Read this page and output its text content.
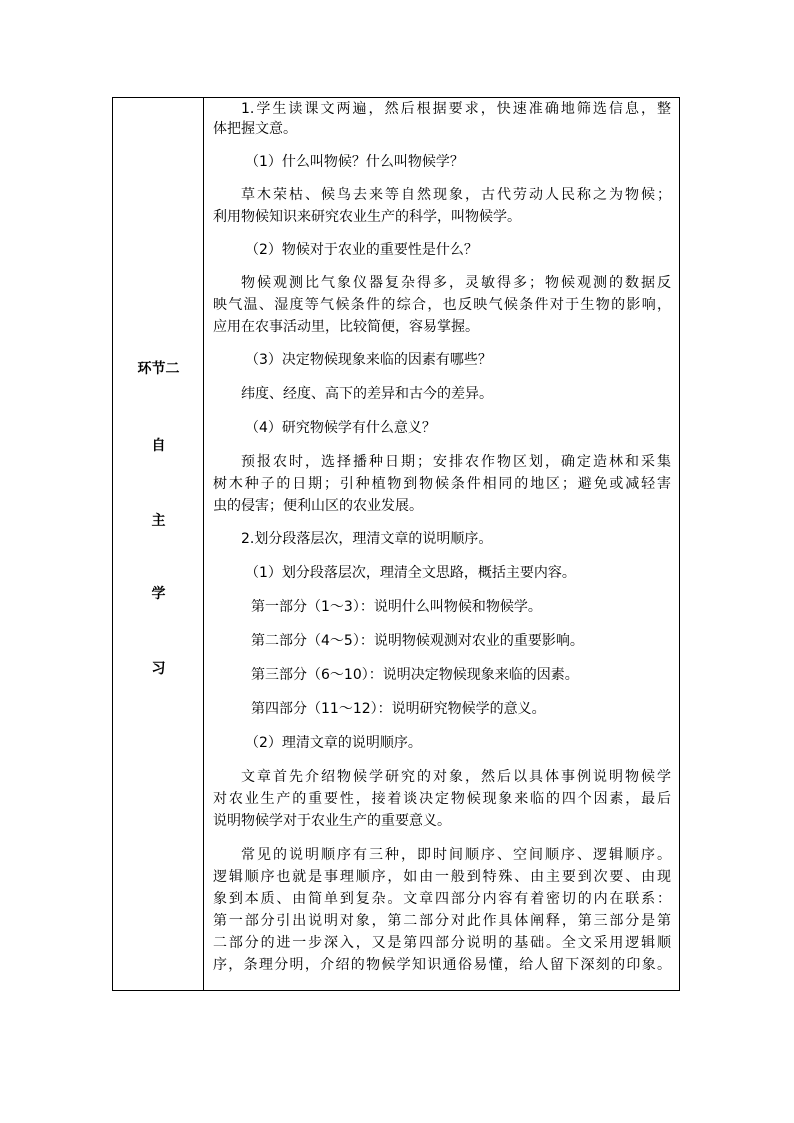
环节二
自
主
学
习
1.学生读课文两遍，然后根据要求，快速准确地筛选信息，整
体把握文意。
（1）什么叫物候？什么叫物候学？
草木荣枯、候鸟去来等自然现象，古代劳动人民称之为物候；
利用物候知识来研究农业生产的科学，叫物候学。
（2）物候对于农业的重要性是什么？
物候观测比气象仪器复杂得多，灵敏得多；物候观测的数据反
映气温、湿度等气候条件的综合，也反映气候条件对于生物的影响，
应用在农事活动里，比较简便，容易掌握。
（3）决定物候现象来临的因素有哪些？
纬度、经度、高下的差异和古今的差异。
（4）研究物候学有什么意义？
预报农时，选择播种日期；安排农作物区划，确定造林和采集
树木种子的日期；引种植物到物候条件相同的地区；避免或减轻害
虫的侵害；便利山区的农业发展。
2.划分段落层次，理清文章的说明顺序。
（1）划分段落层次，理清全文思路，概括主要内容。
第一部分（1～3）：说明什么叫物候和物候学。
第二部分（4～5）：说明物候观测对农业的重要影响。
第三部分（6～10）：说明决定物候现象来临的因素。
第四部分（11～12）：说明研究物候学的意义。
（2）理清文章的说明顺序。
文章首先介绍物候学研究的对象，然后以具体事例说明物候学
对农业生产的重要性，接着谈决定物候现象来临的四个因素，最后
说明物候学对于农业生产的重要意义。
常见的说明顺序有三种，即时间顺序、空间顺序、逻辑顺序。
逻辑顺序也就是事理顺序，如由一般到特殊、由主要到次要、由现
象到本质、由简单到复杂。文章四部分内容有着密切的内在联系：
第一部分引出说明对象，第二部分对此作具体阐释，第三部分是第
二部分的进一步深入，又是第四部分说明的基础。全文采用逻辑顺
序，条理分明，介绍的物候学知识通俗易懂，给人留下深刻的印象。
